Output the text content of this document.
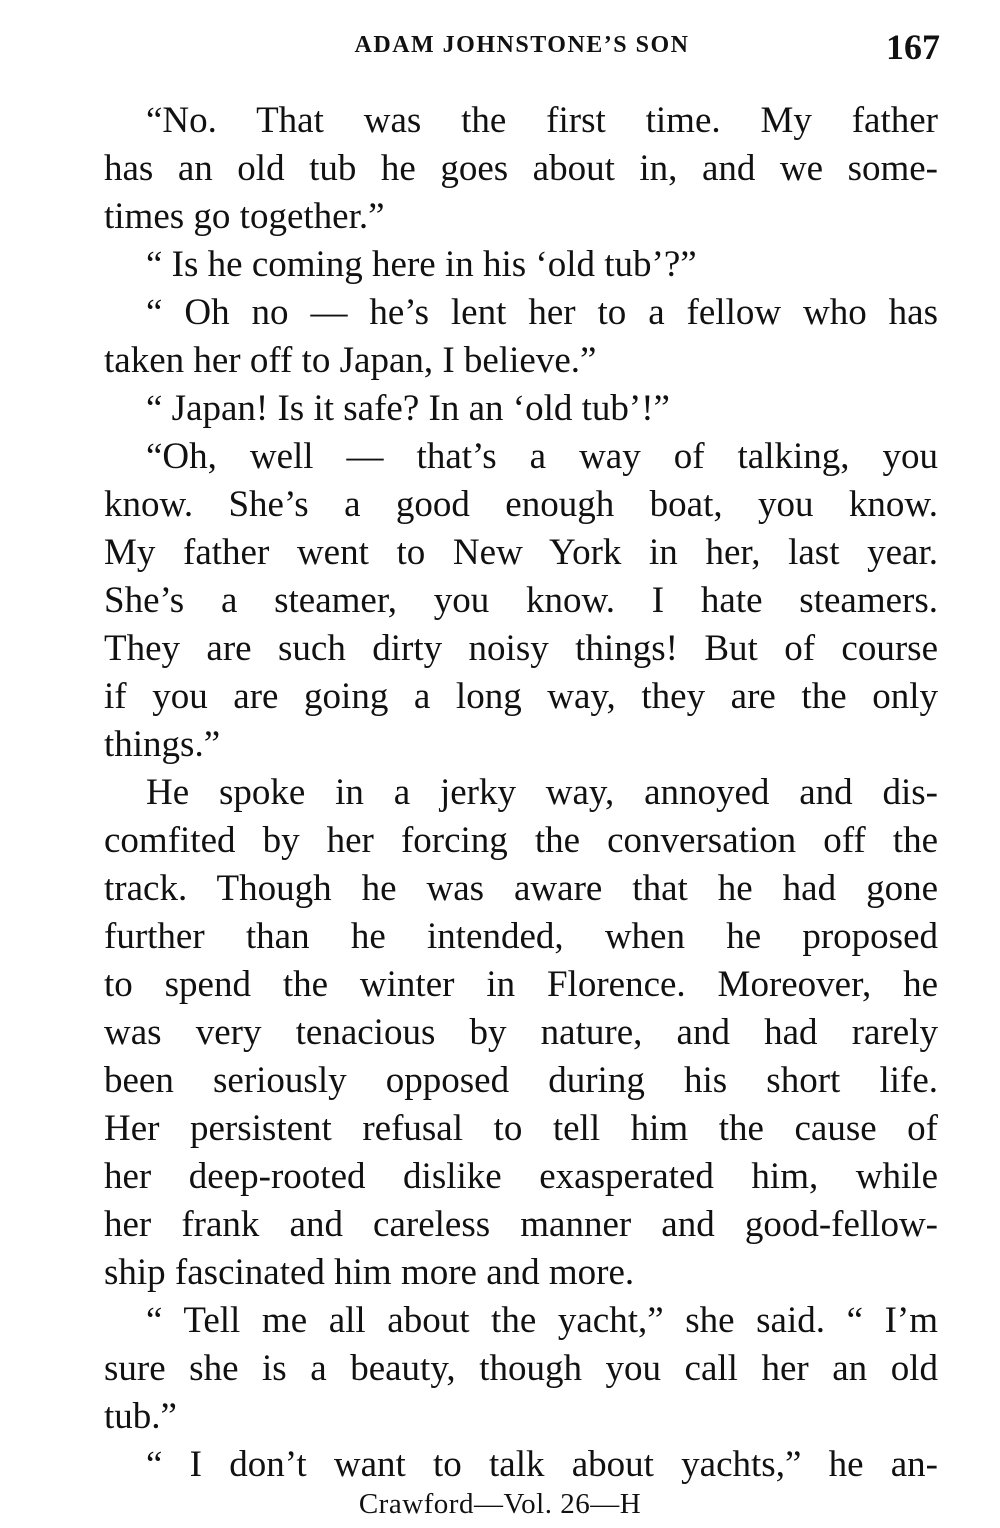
ADAM JOHNSTONE’S SON	167
“No. That was the first time. My father
has an old tub he goes about in, and we some-
times go together.”
“ Is he coming here in his ‘old tub’?”
“ Oh no — he’s lent her to a fellow who has
taken her off to Japan, I believe.”
“ Japan! Is it safe? In an ‘old tub’!”
“Oh, well — that’s a way of talking, you
know. She’s a good enough boat, you know.
My father went to New York in her, last year.
She’s a steamer, you know. I hate steamers.
They are such dirty noisy things! But of course
if you are going a long way, they are the only
things.”
He spoke in a jerky way, annoyed and dis-
comfited by her forcing the conversation off the
track. Though he was aware that he had gone
further than he intended, when he proposed
to spend the winter in Florence. Moreover, he
was very tenacious by nature, and had rarely
been seriously opposed during his short life.
Her persistent refusal to tell him the cause of
her deep-rooted dislike exasperated him, while
her frank and careless manner and good-fellow-
ship fascinated him more and more.
“ Tell me all about the yacht,” she said. “ I’m
sure she is a beauty, though you call her an old
tub.”
“ I don’t want to talk about yachts,” he an-
Crawford—Vol. 26—H
